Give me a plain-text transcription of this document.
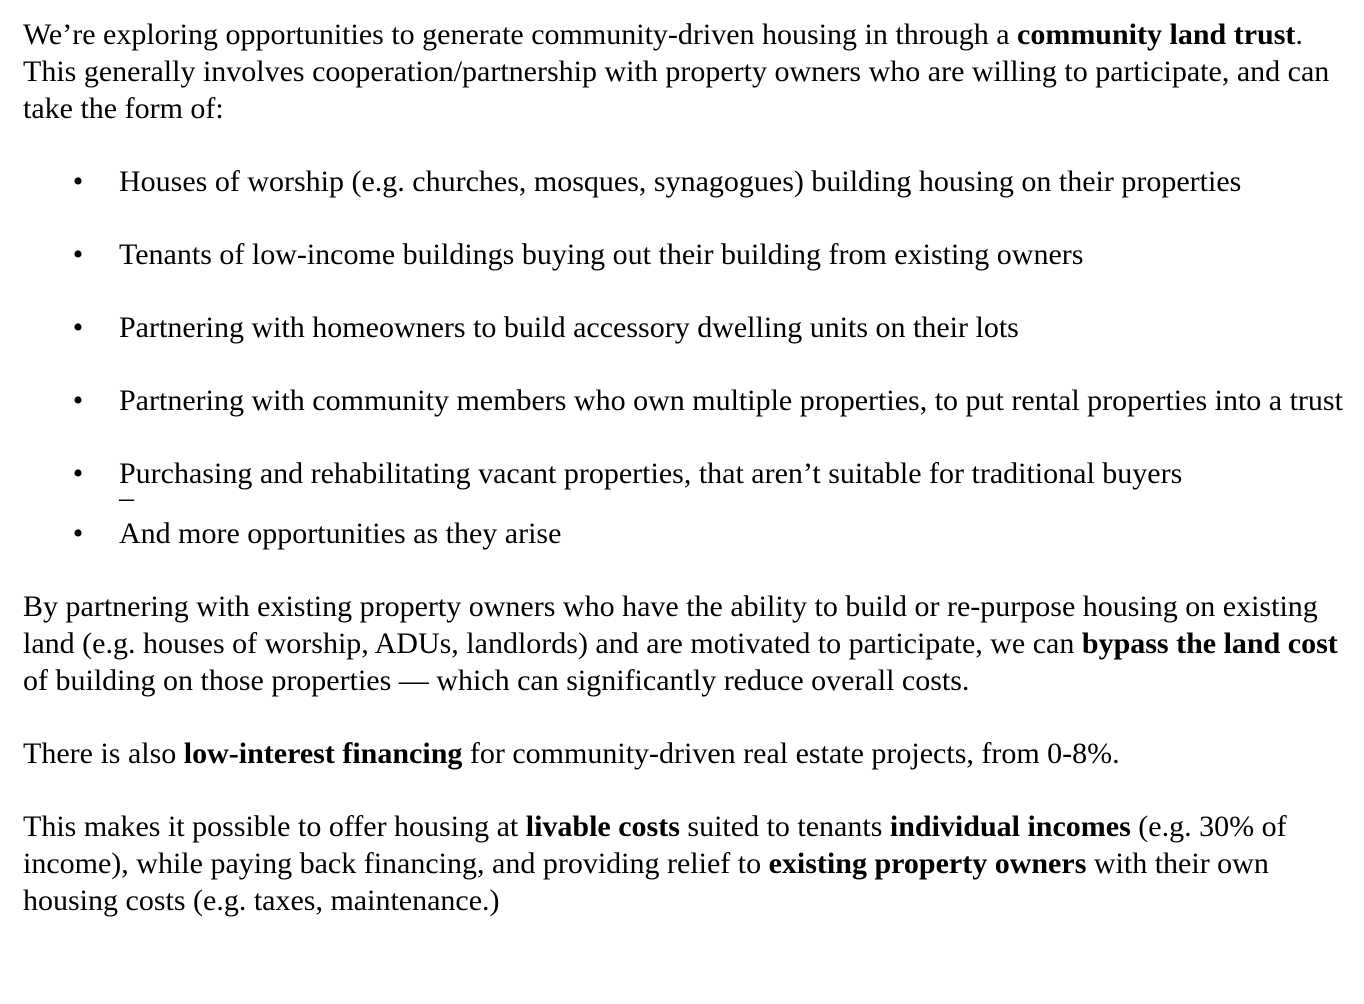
We’re exploring opportunities to generate community-driven housing in through a community land trust. This generally involves cooperation/partnership with property owners who are willing to participate, and can take the form of:

• Houses of worship (e.g. churches, mosques, synagogues) building housing on their properties
• Tenants of low-income buildings buying out their building from existing owners
• Partnering with homeowners to build accessory dwelling units on their lots
• Partnering with community members who own multiple properties, to put rental properties into a trust
• Purchasing and rehabilitating vacant properties, that aren’t suitable for traditional buyers
–
• And more opportunities as they arise

By partnering with existing property owners who have the ability to build or re-purpose housing on existing land (e.g. houses of worship, ADUs, landlords) and are motivated to participate, we can bypass the land cost of building on those properties — which can significantly reduce overall costs.

There is also low-interest financing for community-driven real estate projects, from 0-8%.

This makes it possible to offer housing at livable costs suited to tenants individual incomes (e.g. 30% of income), while paying back financing, and providing relief to existing property owners with their own housing costs (e.g. taxes, maintenance.)
